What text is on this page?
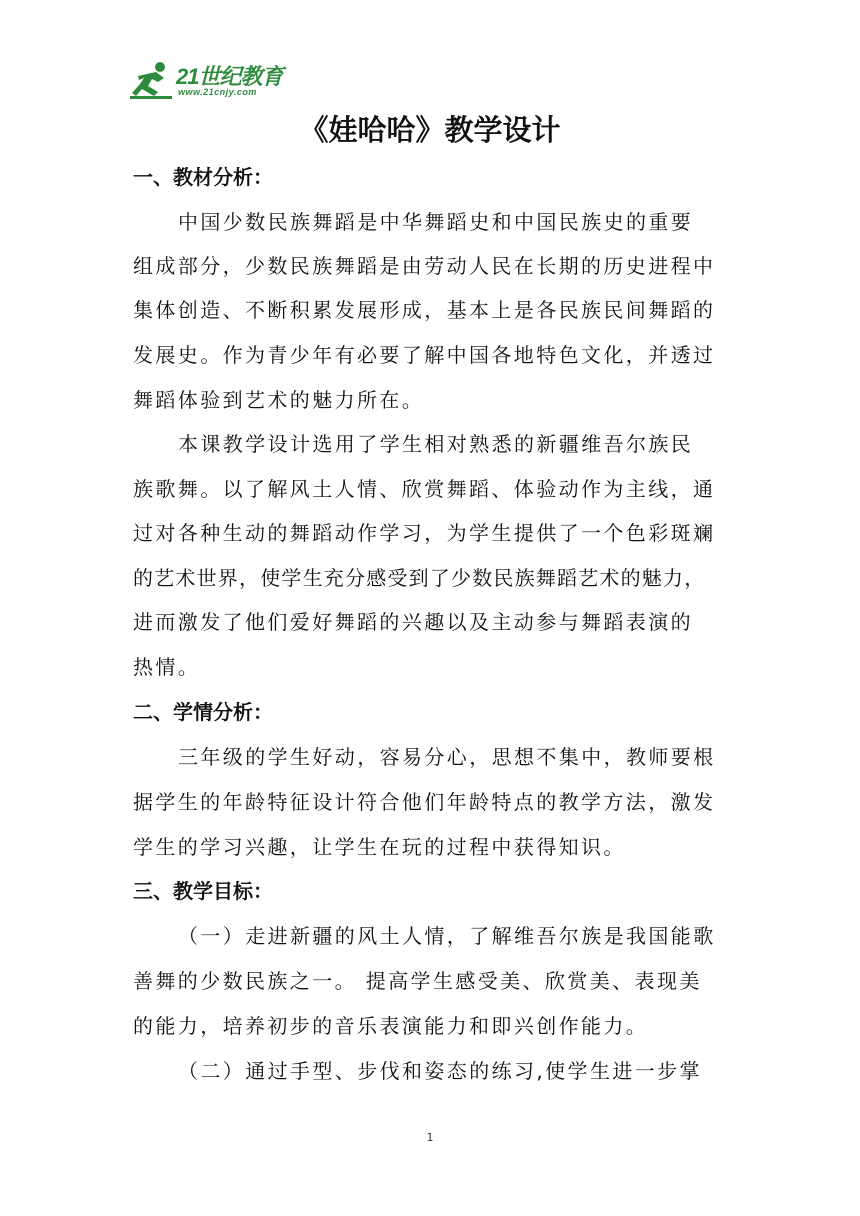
21世纪教育
www.21cnjy.com
《娃哈哈》教学设计
一、教材分析：
中国少数民族舞蹈是中华舞蹈史和中国民族史的重要
组成部分，少数民族舞蹈是由劳动人民在长期的历史进程中
集体创造、不断积累发展形成，基本上是各民族民间舞蹈的
发展史。作为青少年有必要了解中国各地特色文化，并透过
舞蹈体验到艺术的魅力所在。
本课教学设计选用了学生相对熟悉的新疆维吾尔族民
族歌舞。以了解风土人情、欣赏舞蹈、体验动作为主线，通
过对各种生动的舞蹈动作学习，为学生提供了一个色彩斑斓
的艺术世界，使学生充分感受到了少数民族舞蹈艺术的魅力，
进而激发了他们爱好舞蹈的兴趣以及主动参与舞蹈表演的
热情。
二、学情分析：
三年级的学生好动，容易分心，思想不集中，教师要根
据学生的年龄特征设计符合他们年龄特点的教学方法，激发
学生的学习兴趣，让学生在玩的过程中获得知识。
三、教学目标：
（一）走进新疆的风土人情，了解维吾尔族是我国能歌
善舞的少数民族之一。 提高学生感受美、欣赏美、表现美
的能力，培养初步的音乐表演能力和即兴创作能力。
（二）通过手型、步伐和姿态的练习,使学生进一步掌
1
